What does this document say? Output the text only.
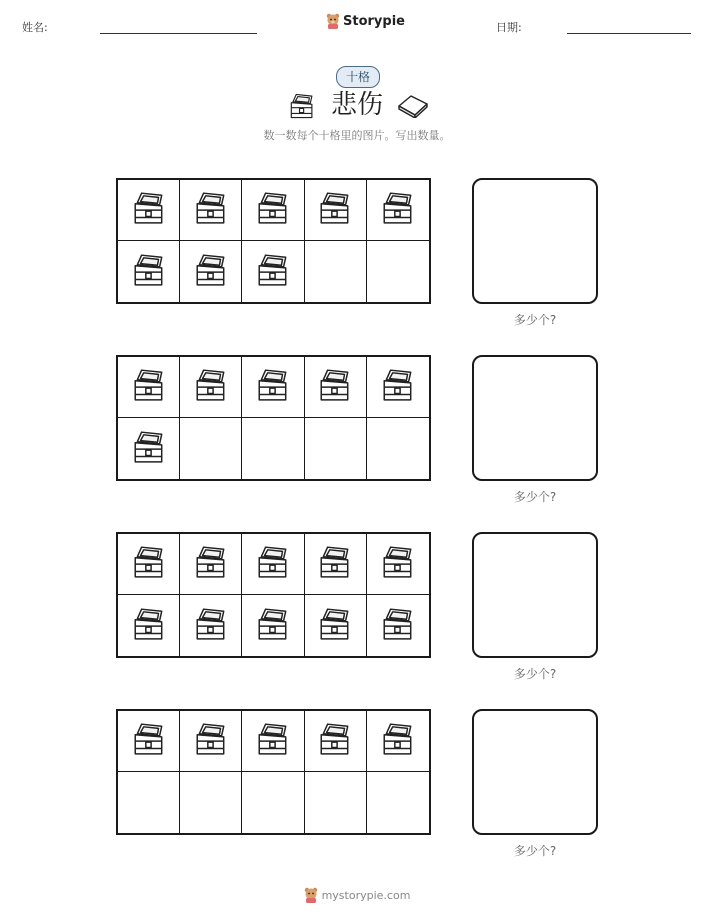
姓名:	Storypie	日期:
十格
悲伤
数一数每个十格里的图片。写出数量。
多少个?
多少个?
多少个?
多少个?
mystorypie.com
